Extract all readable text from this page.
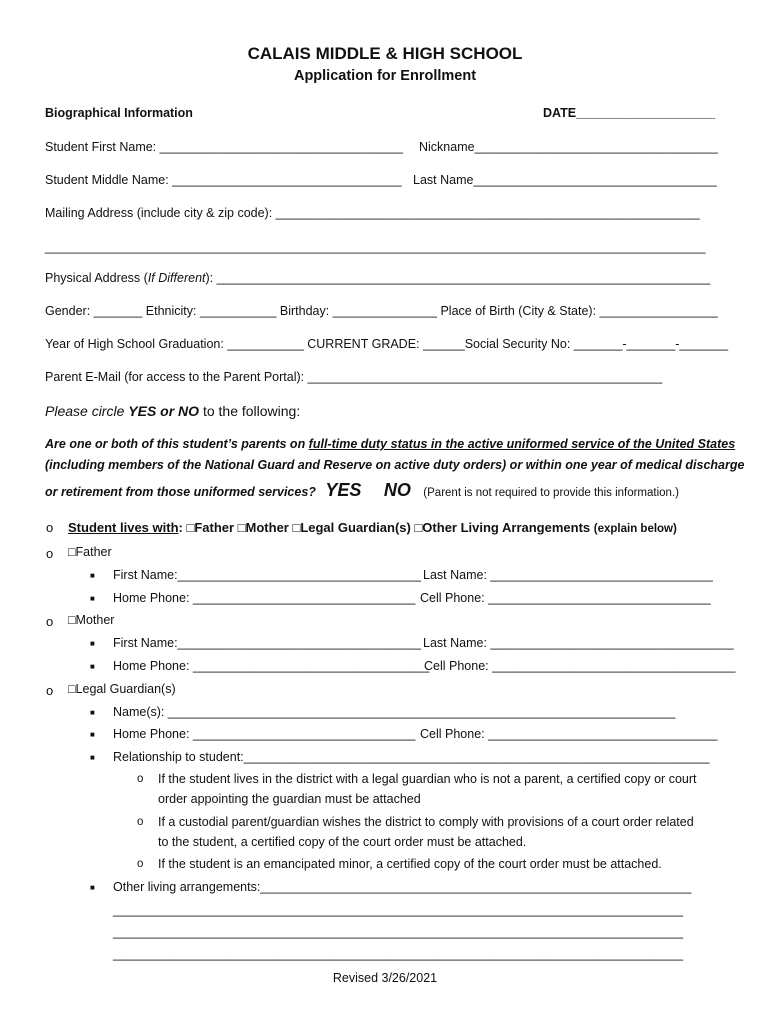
CALAIS MIDDLE & HIGH SCHOOL
Application for Enrollment
Biographical Information	DATE____________________
Student First Name: ___________________________________ Nickname___________________________________
Student Middle Name: _________________________________ Last Name___________________________________
Mailing Address (include city & zip code): _____________________________________________________________
_______________________________________________________________________________________________
Physical Address (If Different): _______________________________________________________________________
Gender: _______ Ethnicity: ___________ Birthday: _______________ Place of Birth (City & State): _________________
Year of High School Graduation: ___________ CURRENT GRADE: ______Social Security No: _______-_______-_______
Parent E-Mail (for access to the Parent Portal): ___________________________________________________
Please circle YES or NO to the following:
Are one or both of this student’s parents on full-time duty status in the active uniformed service of the United States
(including members of the National Guard and Reserve on active duty orders) or within one year of medical discharge
or retirement from those uniformed services? YES NO (Parent is not required to provide this information.)
o Student lives with: □Father □Mother □Legal Guardian(s) □Other Living Arrangements (explain below)
o □Father
■ First Name:___________________________________ Last Name: ________________________________
■ Home Phone: ________________________________ Cell Phone: ________________________________
o □Mother
■ First Name:___________________________________ Last Name: ___________________________________
■ Home Phone: __________________________________
Cell Phone: ___________________________________
o □Legal Guardian(s)
■ Name(s): _________________________________________________________________________
■ Home Phone: ________________________________ Cell Phone: _________________________________
■ Relationship to student:___________________________________________________________________
o If the student lives in the district with a legal guardian who is not a parent, a certified copy or court
order appointing the guardian must be attached
o If a custodial parent/guardian wishes the district to comply with provisions of a court order related
to the student, a certified copy of the court order must be attached.
o If the student is an emancipated minor, a certified copy of the court order must be attached.
■ Other living arrangements:______________________________________________________________
__________________________________________________________________________________
__________________________________________________________________________________
__________________________________________________________________________________
Revised 3/26/2021
